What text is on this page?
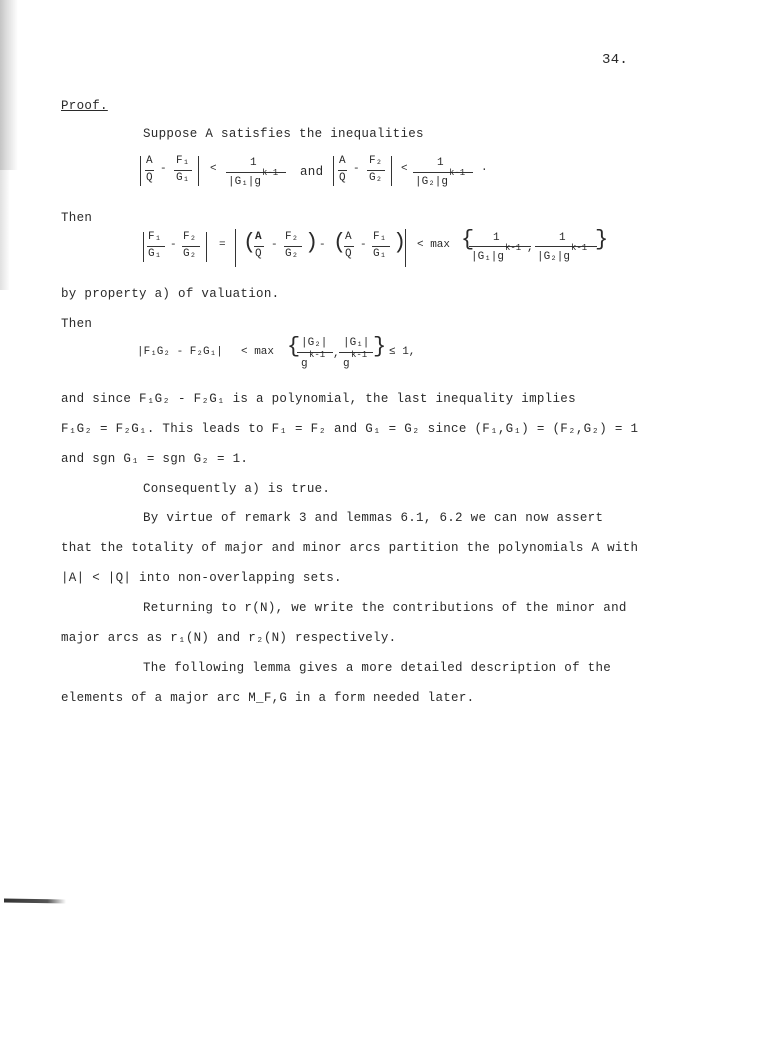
34.
Proof.
Suppose A satisfies the inequalities
A
Q
-
F₁
G₁
<	1
|G₁|g
k-1 and
A
Q
-
F₂
G₂
<	1
|G₂|g
k-1 .
Then
F₁
G₁
-
F₂
G₂
= (
A
Q
-
F₂
G₂ ) - (
A
Q
-
F₁
G₁ ) < max { 1
|G₁|g
k-1 ,
1
|G₂|g
k-1 }
by property a) of valuation.
Then
|F₁G₂ - F₂G₁| < max { |G₂|
g
k-1 ,
|G₁|
g
k-1 } ≤ 1,
and since F₁G₂ - F₂G₁ is a polynomial, the last inequality implies
F₁G₂ = F₂G₁. This leads to F₁ = F₂ and G₁ = G₂ since (F₁,G₁) = (F₂,G₂) = 1
and sgn G₁ = sgn G₂ = 1.
Consequently a) is true.
By virtue of remark 3 and lemmas 6.1, 6.2 we can now assert
that the totality of major and minor arcs partition the polynomials A with
|A| < |Q| into non-overlapping sets.
Returning to r(N), we write the contributions of the minor and
major arcs as r₁(N) and r₂(N) respectively.
The following lemma gives a more detailed description of the
elements of a major arc M_F,G in a form needed later.
